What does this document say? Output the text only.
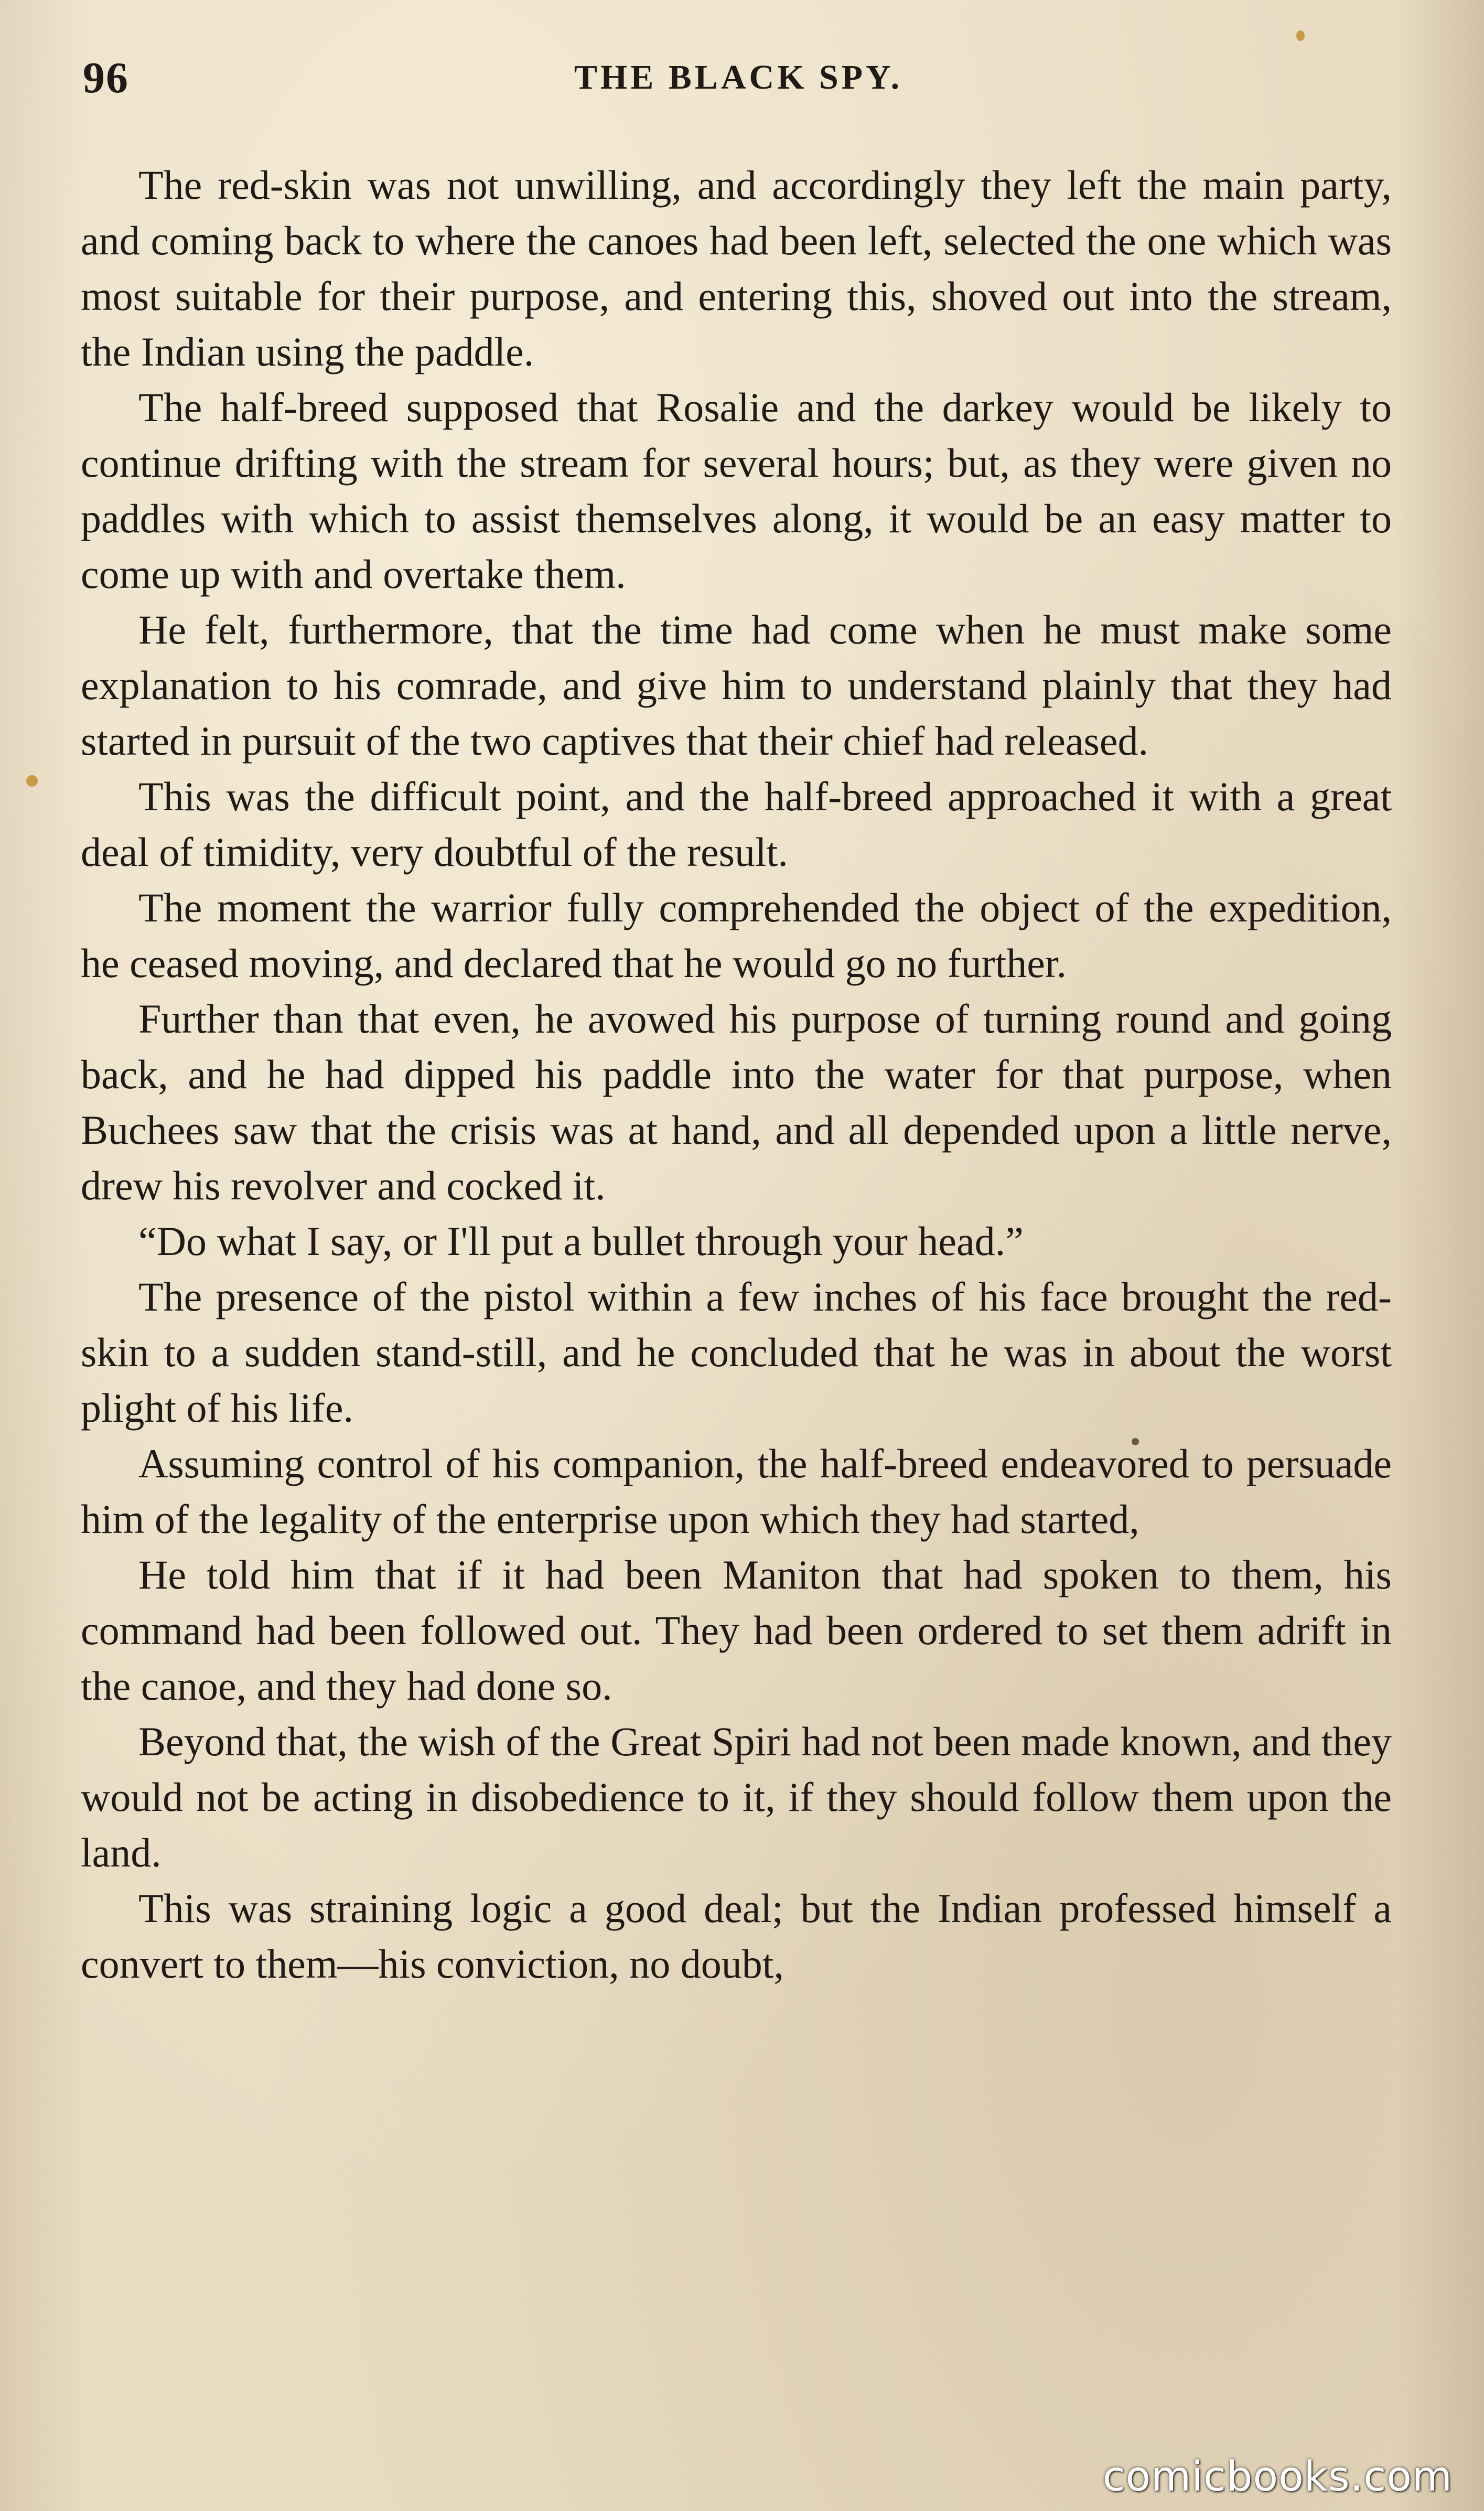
96	THE BLACK SPY.

The red-skin was not unwilling, and accordingly they left the main party, and coming back to where the canoes had been left, selected the one which was most suitable for their purpose, and entering this, shoved out into the stream, the Indian using the paddle.

The half-breed supposed that Rosalie and the darkey would be likely to continue drifting with the stream for several hours; but, as they were given no paddles with which to assist themselves along, it would be an easy matter to come up with and overtake them.

He felt, furthermore, that the time had come when he must make some explanation to his comrade, and give him to understand plainly that they had started in pursuit of the two captives that their chief had released.

This was the difficult point, and the half-breed approached it with a great deal of timidity, very doubtful of the result.

The moment the warrior fully comprehended the object of the expedition, he ceased moving, and declared that he would go no further.

Further than that even, he avowed his purpose of turning round and going back, and he had dipped his paddle into the water for that purpose, when Buchees saw that the crisis was at hand, and all depended upon a little nerve, drew his revolver and cocked it.

“Do what I say, or I'll put a bullet through your head.”

The presence of the pistol within a few inches of his face brought the red-skin to a sudden stand-still, and he concluded that he was in about the worst plight of his life.

Assuming control of his companion, the half-breed endeavored to persuade him of the legality of the enterprise upon which they had started,

He told him that if it had been Maniton that had spoken to them, his command had been followed out. They had been ordered to set them adrift in the canoe, and they had done so.

Beyond that, the wish of the Great Spiri had not been made known, and they would not be acting in disobedience to it, if they should follow them upon the land.

This was straining logic a good deal; but the Indian professed himself a convert to them—his conviction, no doubt,

comicbooks.com
